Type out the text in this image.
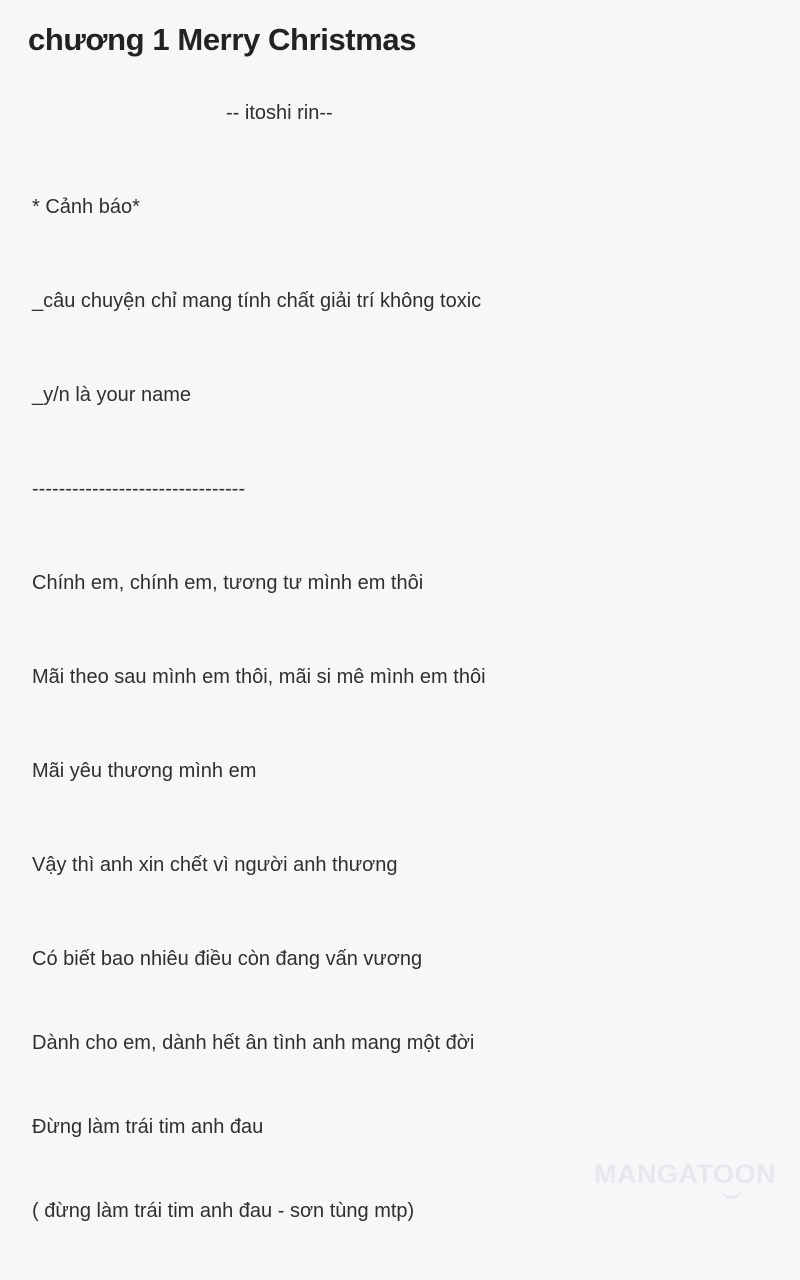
chương 1 Merry Christmas
-- itoshi rin--
* Cảnh báo*
_câu chuyện chỉ mang tính chất giải trí không toxic
_y/n là your name
--------------------------------
Chính em, chính em, tương tư mình em thôi
Mãi theo sau mình em thôi, mãi si mê mình em thôi
Mãi yêu thương mình em
Vậy thì anh xin chết vì người anh thương
Có biết bao nhiêu điều còn đang vấn vương
Dành cho em, dành hết ân tình anh mang một đời
Đừng làm trái tim anh đau
( đừng làm trái tim anh đau - sơn tùng mtp)
MANGATOON
